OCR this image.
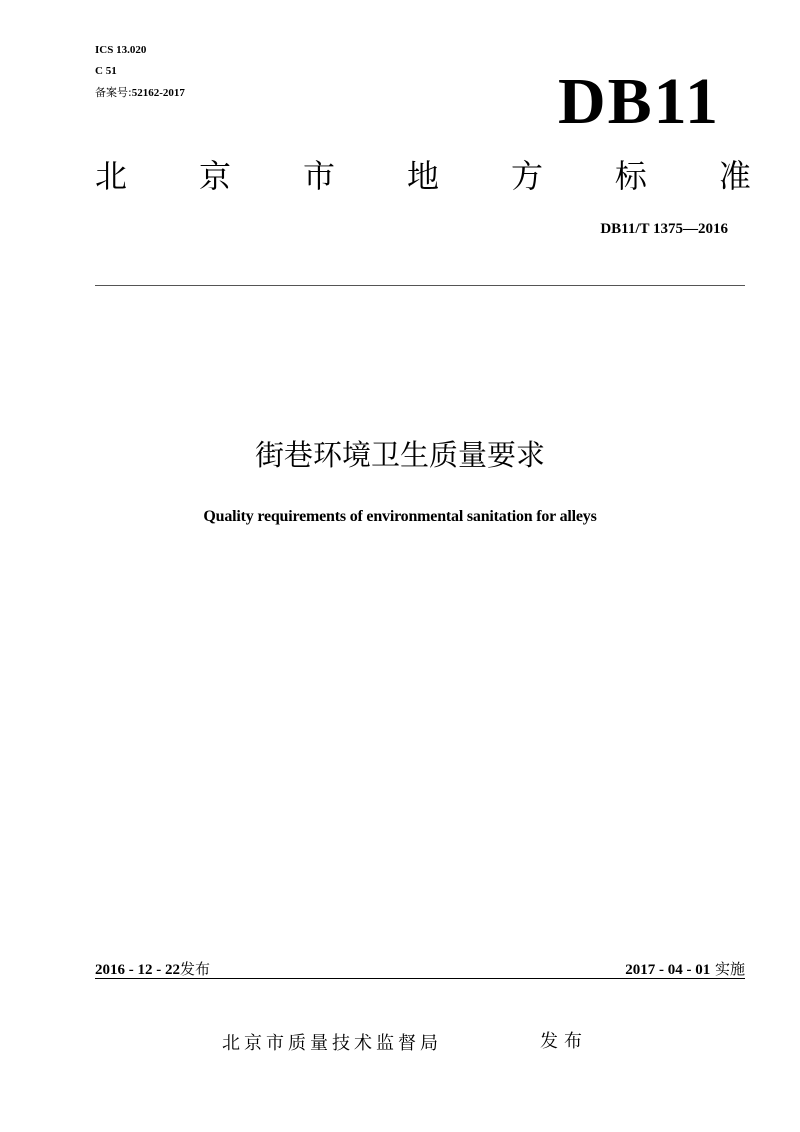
ICS 13.020
C 51
备案号:52162-2017	DB11
北 京 市 地 方 标 准
DB11/T 1375—2016
街巷环境卫生质量要求
Quality requirements of environmental sanitation for alleys
2016 - 12 - 22发布	2017 - 04 - 01 实施
北京市质量技术监督局	发布
